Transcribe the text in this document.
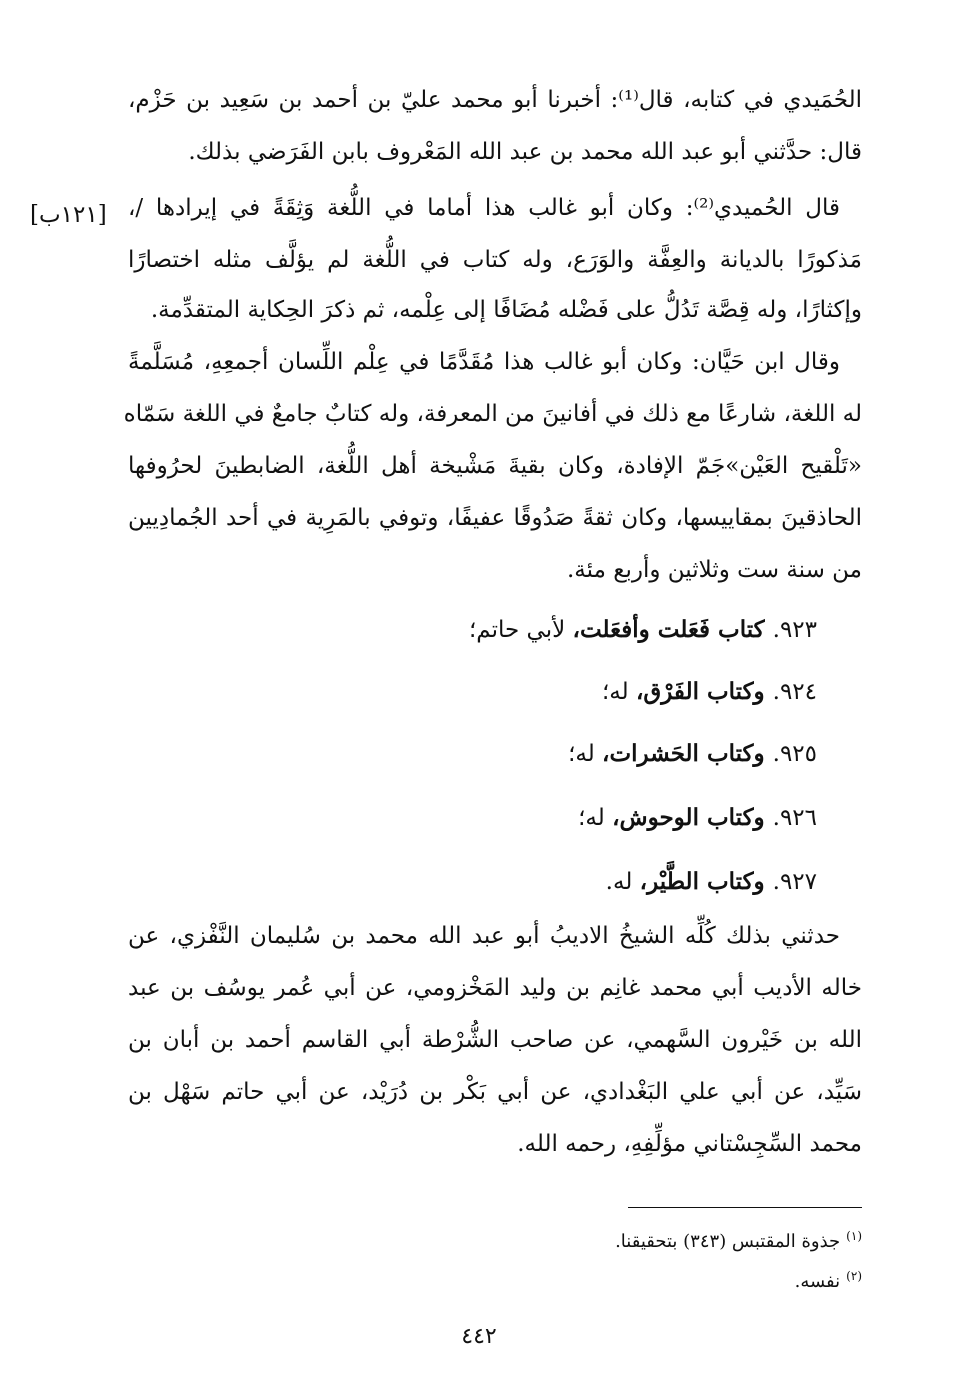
الحُمَيدي في كتابه، قال⁽¹⁾: أخبرنا أبو محمد عليّ بن أحمد بن سَعِيد بن حَزْم،
قال: حدَّثني أبو عبد الله محمد بن عبد الله المَعْروف بابن الفَرَضي بذلك.
[١٢١ب] قال الحُميدي⁽²⁾: وكان أبو غالب هذا أماما في اللُّغة وَثِقَةً في إيرادها /،
مَذكورًا بالديانة والعِفَّة والوَرَع، وله كتاب في اللُّغة لم يؤلَّف مثله اختصارًا
وإكثارًا، وله قِصَّة تَدُلُّ على فَضْله مُضَافًا إلى عِلْمه، ثم ذكرَ الحِكاية المتقدِّمة.
وقال ابن حَيَّان: وكان أبو غالب هذا مُقَدَّمًا في عِلْم اللِّسان أجمعِهِ، مُسَلَّمةً
له اللغة، شارعًا مع ذلك في أفانينَ من المعرفة، وله كتابٌ جامعٌ في اللغة سَمّاه
«تَلْقيح العَيْن»جَمّ الإفادة، وكان بقيةَ مَشْيخة أهل اللُّغة، الضابطينَ لحرُوفها
الحاذقينَ بمقاييسها، وكان ثقةً صَدُوقًا عفيفًا، وتوفي بالمَرِية في أحد الجُمادِيين
من سنة ست وثلاثين وأربع مئة.
٩٢٣.كتاب فَعَلت وأفعَلت، لأبي حاتم؛
٩٢٤.وكتاب الفَرْق، له؛
٩٢٥.وكتاب الحَشرات، له؛
٩٢٦.وكتاب الوحوش، له؛
٩٢٧.وكتاب الطَّيْر، له.
حدثني بذلك كُلِّه الشيخُ الاديبُ أبو عبد الله محمد بن سُليمان النَّفْزي، عن
خاله الأديب أبي محمد غانِم بن وليد المَخْزومي، عن أبي عُمر يوسُف بن عبد
الله بن خَيْرون السَّهمي، عن صاحب الشُّرْطة أبي القاسم أحمد بن أبان بن
سَيِّد، عن أبي علي البَغْدادي، عن أبي بَكْر بن دُرَيْد، عن أبي حاتم سَهْل بن
محمد السِّجِسْتاني مؤلِّفِهِ، رحمه الله.
$^{(١)}$جذوة المقتبس (٣٤٣) بتحقيقنا.
$^{(٢)}$نفسه.
٤٤٢
